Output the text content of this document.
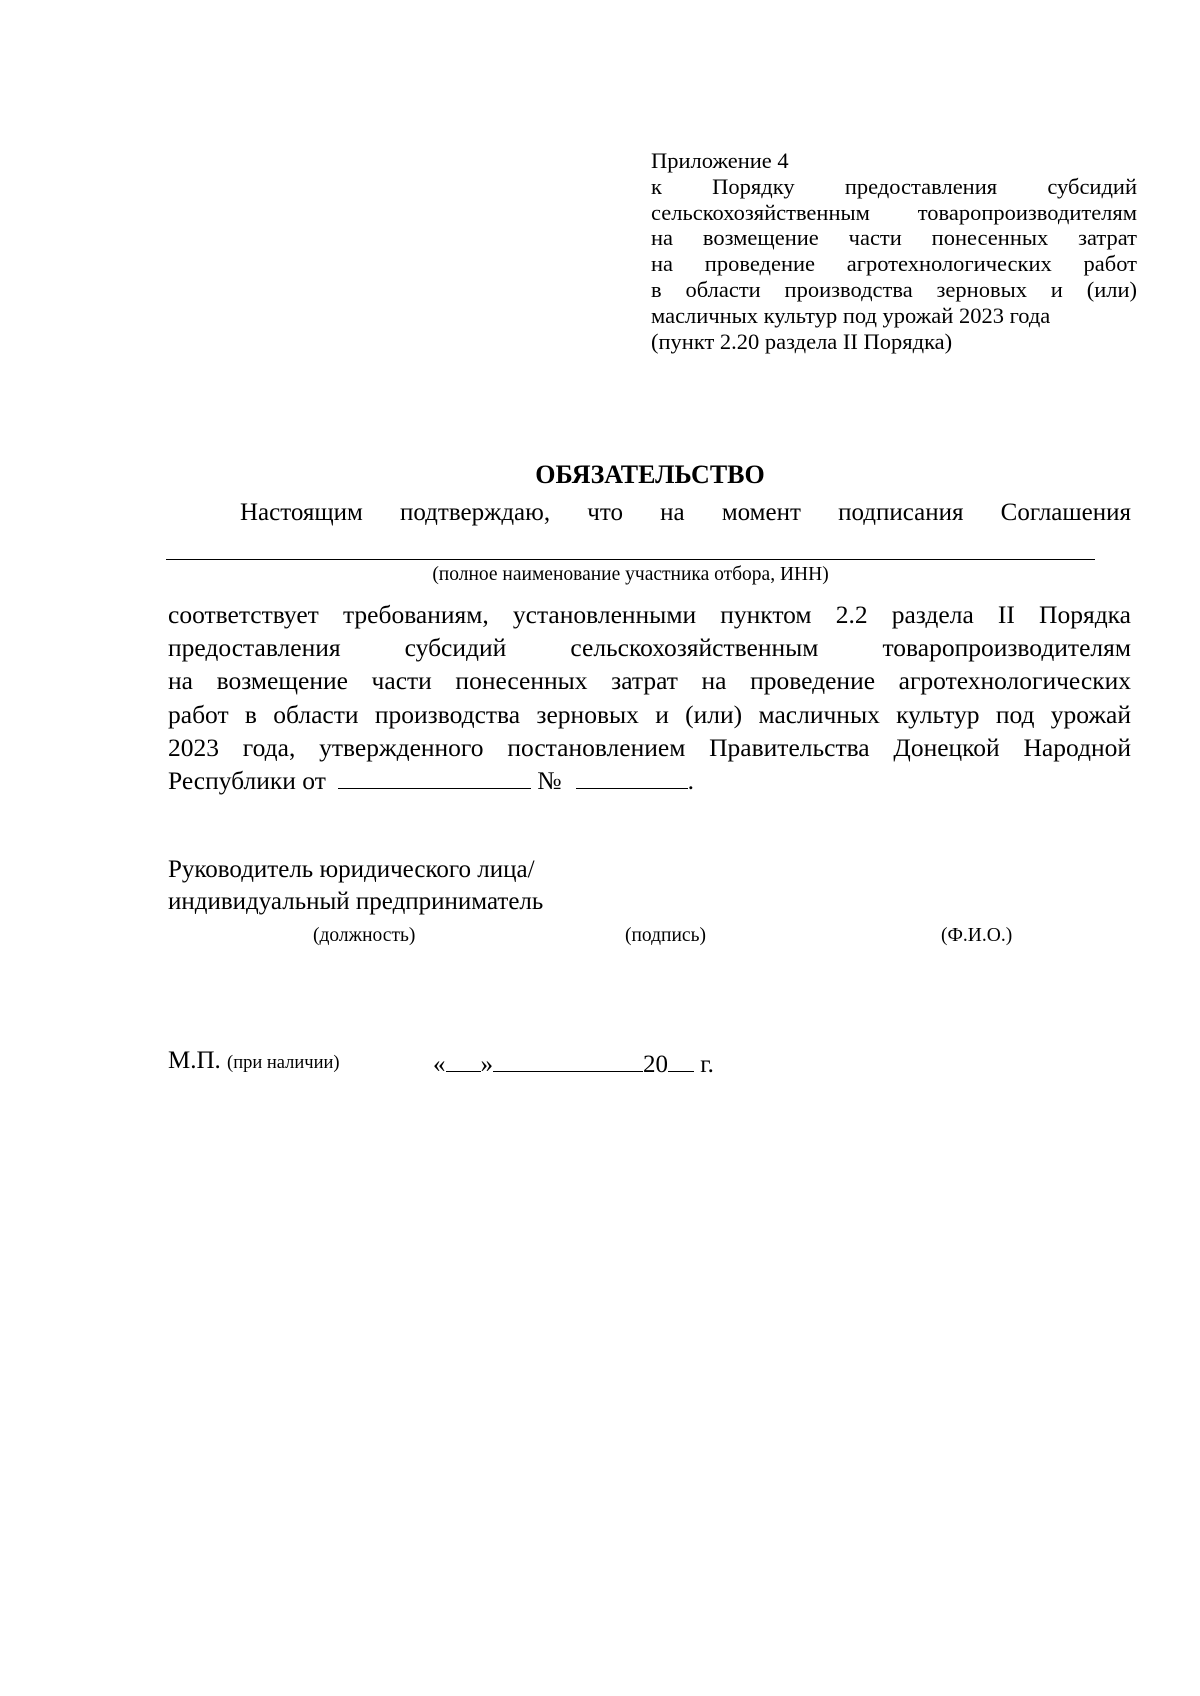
Приложение 4
к Порядку предоставления субсидий
сельскохозяйственным товаропроизводителям
на возмещение части понесенных затрат
на проведение агротехнологических работ
в области производства зерновых и (или)
масличных культур под урожай 2023 года
(пункт 2.20 раздела II Порядка)
ОБЯЗАТЕЛЬСТВО
Настоящим подтверждаю, что на момент подписания Соглашения
(полное наименование участника отбора, ИНН)
соответствует требованиям, установленными пунктом 2.2 раздела II Порядка
предоставления субсидий сельскохозяйственным товаропроизводителям
на возмещение части понесенных затрат на проведение агротехнологических
работ в области производства зерновых и (или) масличных культур под урожай
2023 года, утвержденного постановлением Правительства Донецкой Народной
Республики от	№	.
Руководитель юридического лица/
индивидуальный предприниматель
(должность)	(подпись)	(Ф.И.О.)
М.П. (при наличии)	« »	20 г.
